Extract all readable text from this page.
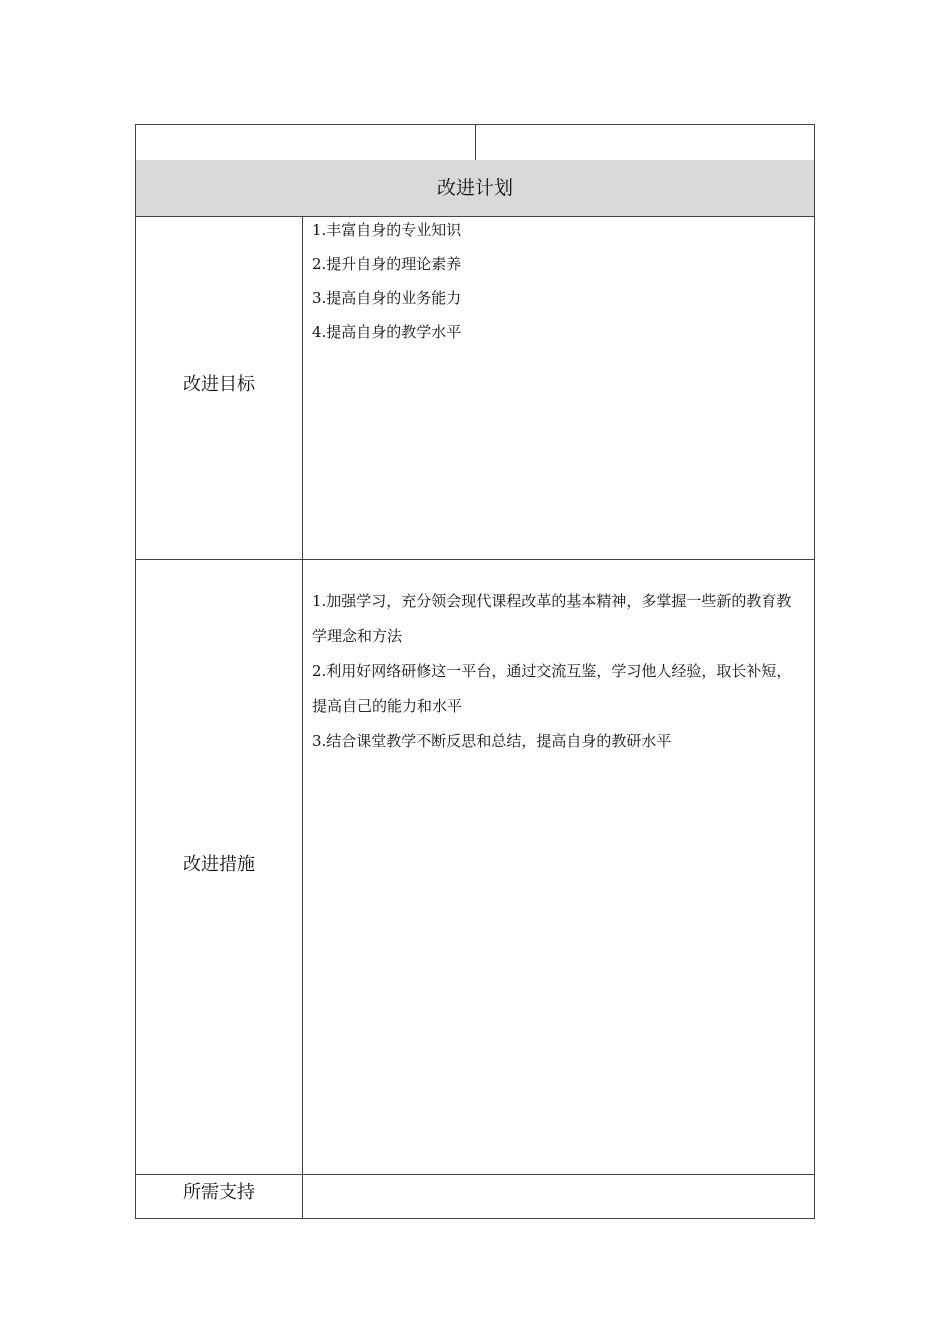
改进计划
改进目标
1.丰富自身的专业知识
2.提升自身的理论素养
3.提高自身的业务能力
4.提高自身的教学水平
改进措施
1.加强学习，充分领会现代课程改革的基本精神，多掌握一些新的教育教学理念和方法
2.利用好网络研修这一平台，通过交流互鉴，学习他人经验，取长补短，提高自己的能力和水平
3.结合课堂教学不断反思和总结，提高自身的教研水平
所需支持
